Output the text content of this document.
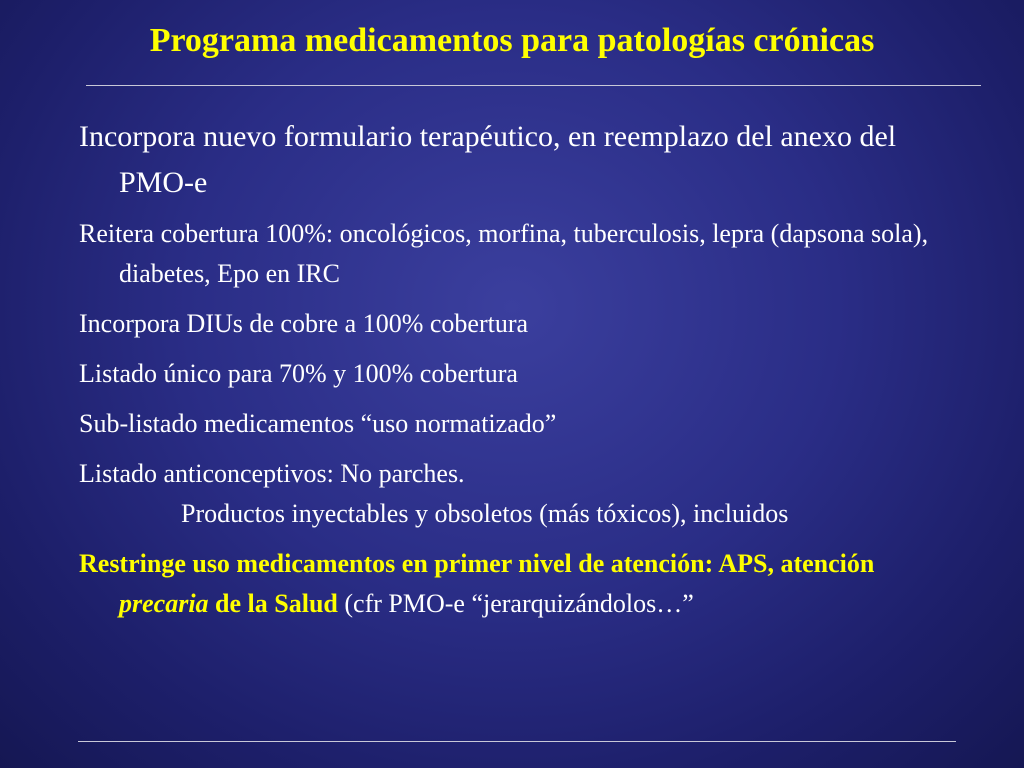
Programa medicamentos para patologías crónicas
Incorpora nuevo formulario terapéutico, en reemplazo del anexo del PMO-e
Reitera cobertura 100%: oncológicos, morfina, tuberculosis, lepra (dapsona sola), diabetes, Epo en IRC
Incorpora DIUs de cobre a 100% cobertura
Listado único para 70% y 100% cobertura
Sub-listado medicamentos “uso normatizado”
Listado anticonceptivos: No parches.
Productos inyectables y obsoletos (más tóxicos), incluidos
Restringe uso medicamentos en primer nivel de atención: APS, atención precaria de la Salud (cfr PMO-e “jerarquizándolos…”
